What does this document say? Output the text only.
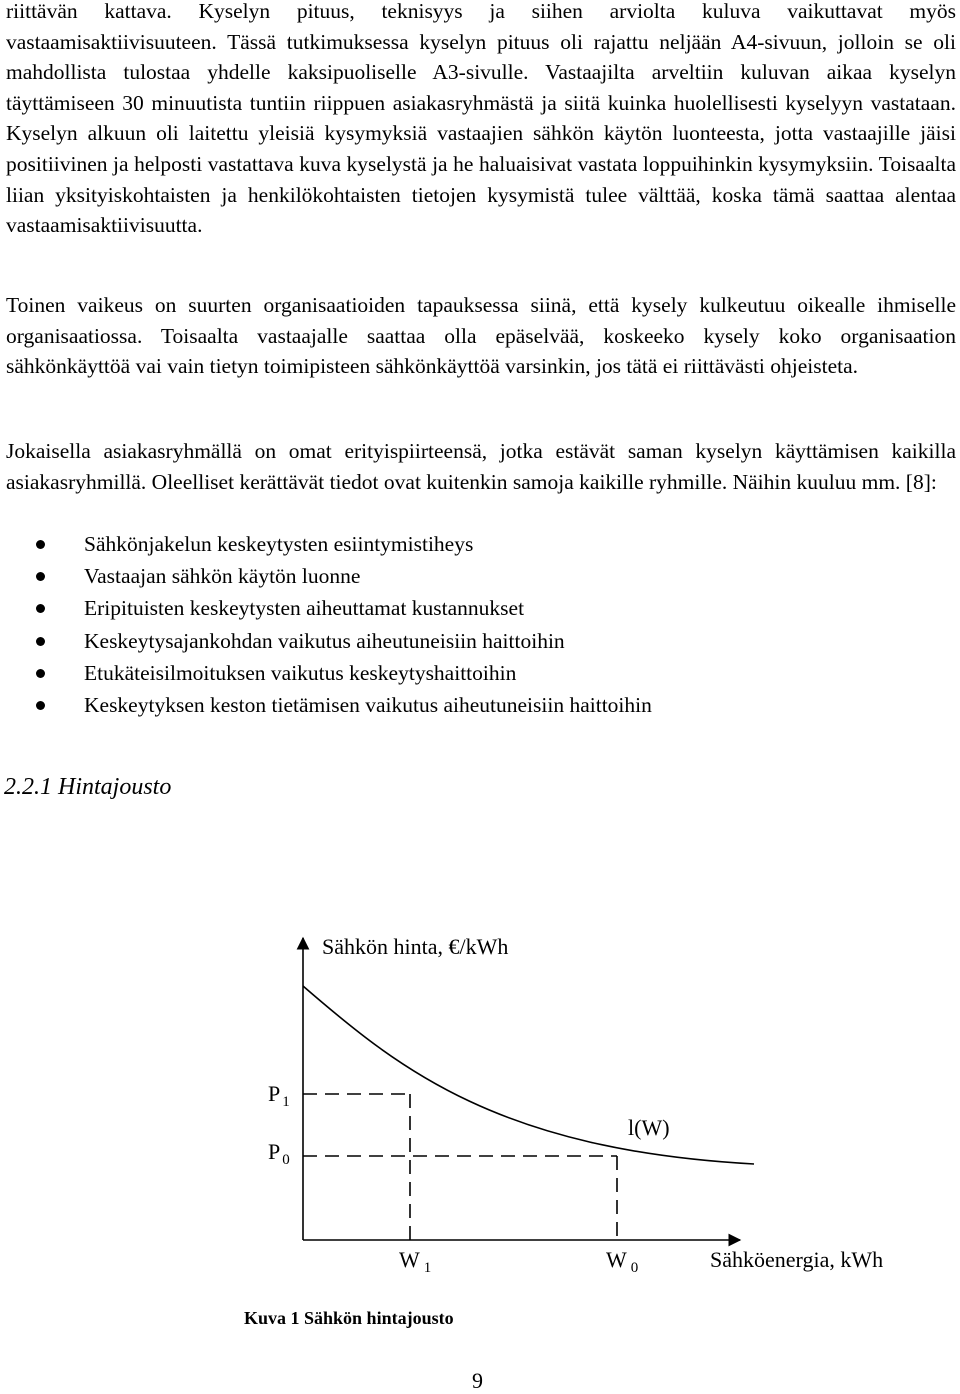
riittävän kattava. Kyselyn pituus, teknisyys ja siihen arviolta kuluva vaikuttavat myös vastaamisaktiivisuuteen. Tässä tutkimuksessa kyselyn pituus oli rajattu neljään A4-sivuun, jolloin se oli mahdollista tulostaa yhdelle kaksipuoliselle A3-sivulle. Vastaajilta arveltiin kuluvan aikaa kyselyn täyttämiseen 30 minuutista tuntiin riippuen asiakasryhmästä ja siitä kuinka huolellisesti kyselyyn vastataan. Kyselyn alkuun oli laitettu yleisiä kysymyksiä vastaajien sähkön käytön luonteesta, jotta vastaajille jäisi positiivinen ja helposti vastattava kuva kyselystä ja he haluaisivat vastata loppuihinkin kysymyksiin. Toisaalta liian yksityiskohtaisten ja henkilökohtaisten tietojen kysymistä tulee välttää, koska tämä saattaa alentaa vastaamisaktiivisuutta.

Toinen vaikeus on suurten organisaatioiden tapauksessa siinä, että kysely kulkeutuu oikealle ihmiselle organisaatiossa. Toisaalta vastaajalle saattaa olla epäselvää, koskeeko kysely koko organisaation sähkönkäyttöä vai vain tietyn toimipisteen sähkönkäyttöä varsinkin, jos tätä ei riittävästi ohjeisteta.

Jokaisella asiakasryhmällä on omat erityispiirteensä, jotka estävät saman kyselyn käyttämisen kaikilla asiakasryhmillä. Oleelliset kerättävät tiedot ovat kuitenkin samoja kaikille ryhmille. Näihin kuuluu mm. [8]:

Sähkönjakelun keskeytysten esiintymistiheys
Vastaajan sähkön käytön luonne
Eripituisten keskeytysten aiheuttamat kustannukset
Keskeytysajankohdan vaikutus aiheutuneisiin haittoihin
Etukäteisilmoituksen vaikutus keskeytyshaittoihin
Keskeytyksen keston tietämisen vaikutus aiheutuneisiin haittoihin
2.2.1 Hintajousto
Sähkön hinta, €/kWh
Sähköenergia, kWh
l(W)
P $_1$
P $_0$
W $_1$	W $_0$
Kuva 1 Sähkön hintajousto
9
